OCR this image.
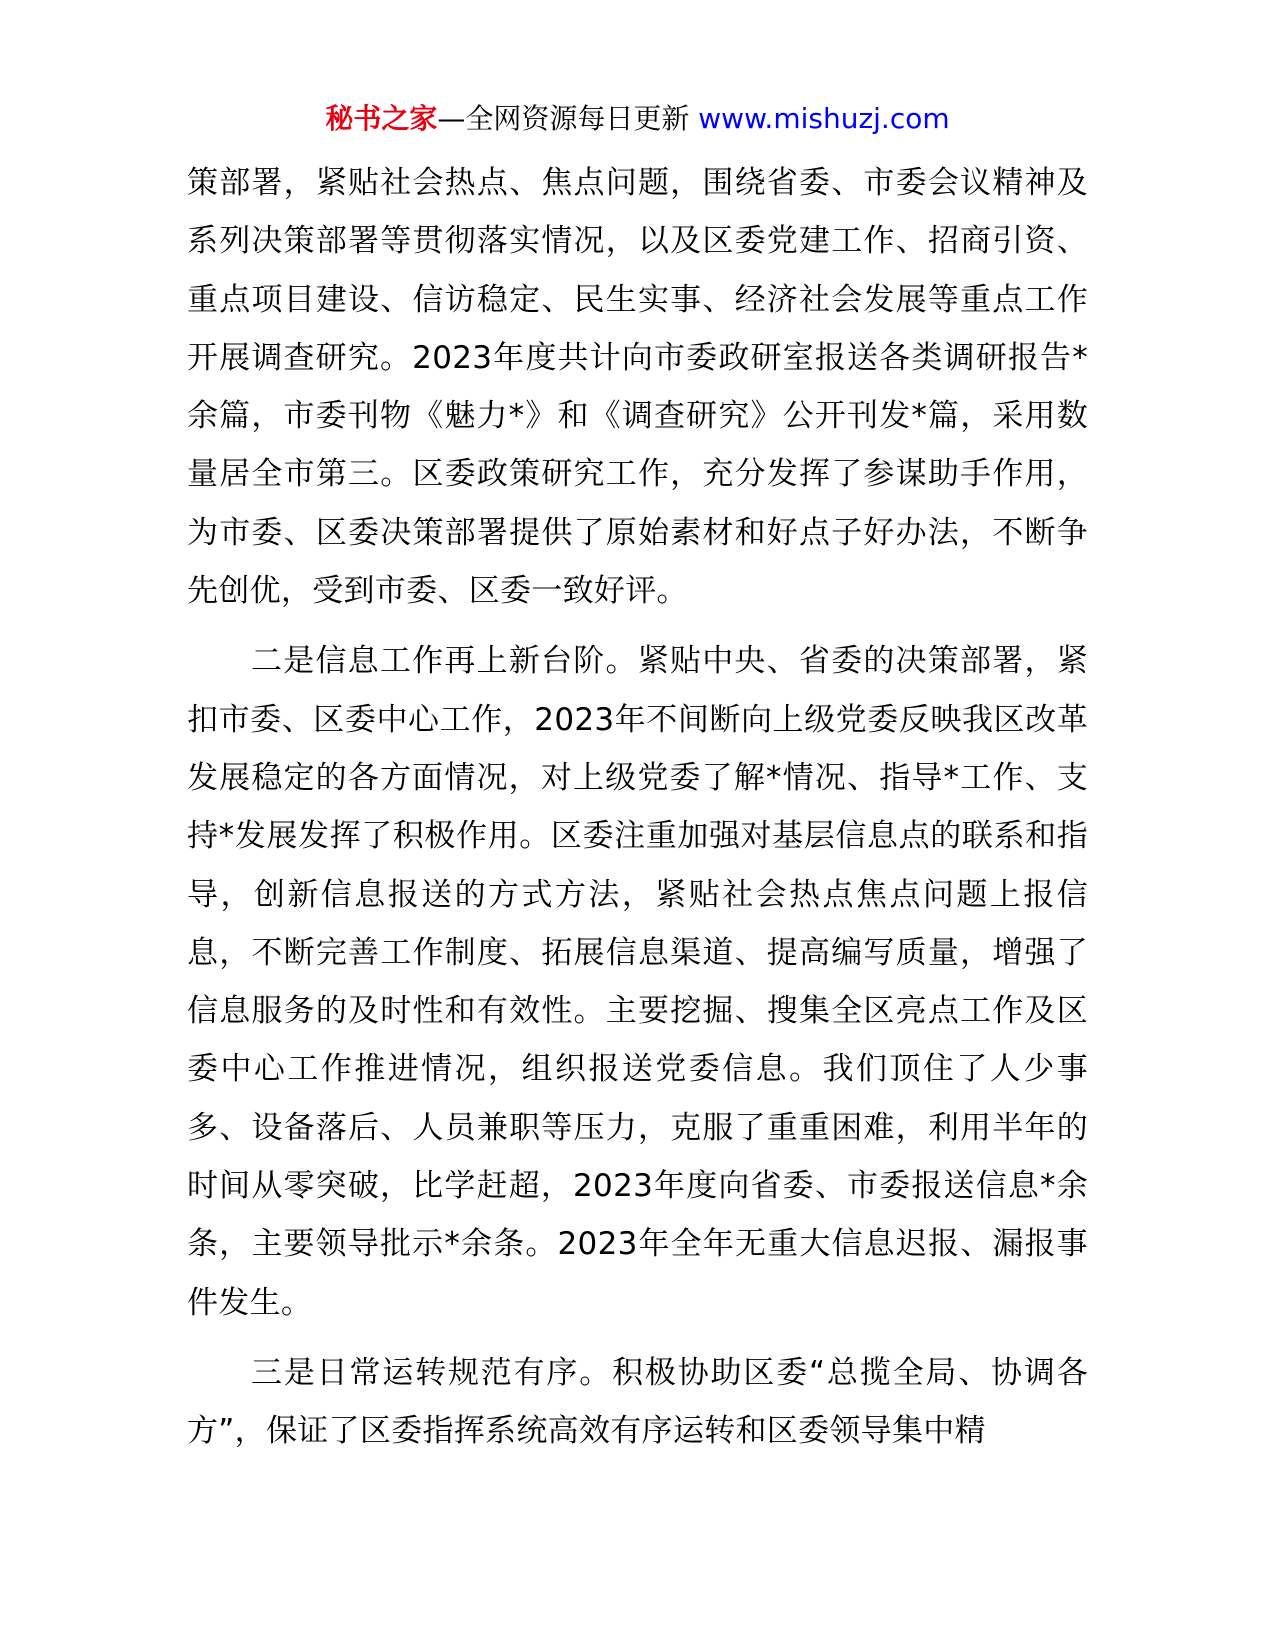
秘书之家—全网资源每日更新 www.mishuzj.com

策部署，紧贴社会热点、焦点问题，围绕省委、市委会议精神及系列决策部署等贯彻落实情况，以及区委党建工作、招商引资、重点项目建设、信访稳定、民生实事、经济社会发展等重点工作开展调查研究。2023年度共计向市委政研室报送各类调研报告*余篇，市委刊物《魅力*》和《调查研究》公开刊发*篇，采用数量居全市第三。区委政策研究工作，充分发挥了参谋助手作用，为市委、区委决策部署提供了原始素材和好点子好办法，不断争先创优，受到市委、区委一致好评。

二是信息工作再上新台阶。紧贴中央、省委的决策部署，紧扣市委、区委中心工作，2023年不间断向上级党委反映我区改革发展稳定的各方面情况，对上级党委了解*情况、指导*工作、支持*发展发挥了积极作用。区委注重加强对基层信息点的联系和指导，创新信息报送的方式方法，紧贴社会热点焦点问题上报信息，不断完善工作制度、拓展信息渠道、提高编写质量，增强了信息服务的及时性和有效性。主要挖掘、搜集全区亮点工作及区委中心工作推进情况，组织报送党委信息。我们顶住了人少事多、设备落后、人员兼职等压力，克服了重重困难，利用半年的时间从零突破，比学赶超，2023年度向省委、市委报送信息*余条，主要领导批示*余条。2023年全年无重大信息迟报、漏报事件发生。

三是日常运转规范有序。积极协助区委“总揽全局、协调各方”，保证了区委指挥系统高效有序运转和区委领导集中精
